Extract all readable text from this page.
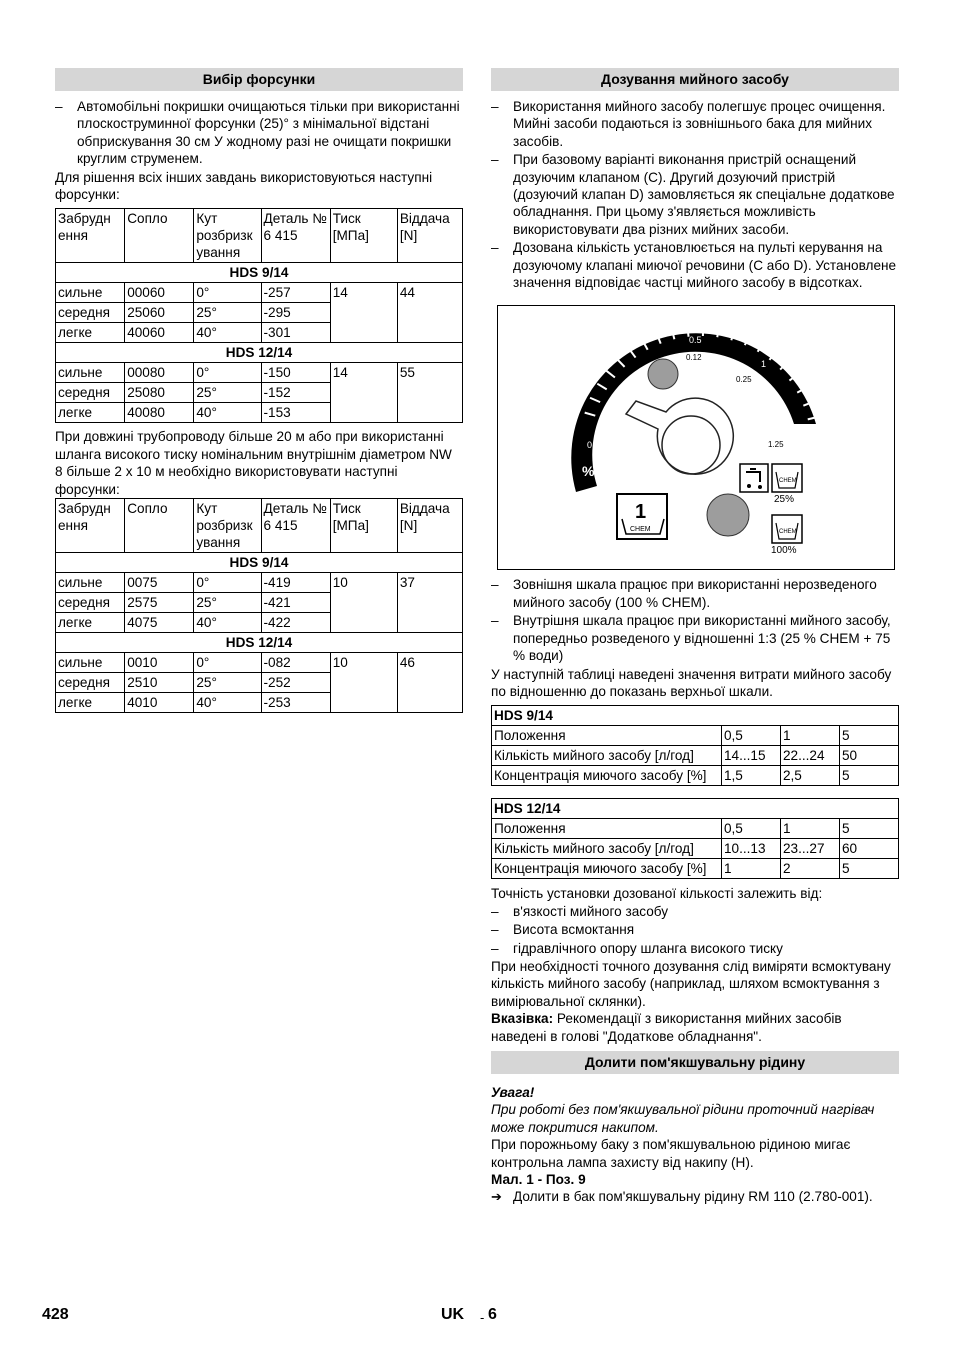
Вибір форсунки
– Автомобільні покришки очищаються тільки при використанні плоскоструминної форсунки (25)° з мінімальної відстані обприскування 30 см У жодному разі не очищати покришки круглим струменем.

Для рішення всіх інших завдань використовуються наступні форсунки:

Забрудн ення	Сопло	Кут розбризк ування	Деталь № 6 415	Тиск [МПа]	Віддача [N]
HDS 9/14					
сильне	00060	0°	-257	14	44
середня	25060	25°	-295		
легке	40060	40°	-301		
HDS 12/14					
сильне	00080	0°	-150	14	55
середня	25080	25°	-152		
легке	40080	40°	-153		

При довжині трубопроводу більше 20 м або при використанні шланга високого тиску номінальним внутрішнім діаметром NW 8 більше 2 х 10 м необхідно використовувати наступні форсунки:

Забрудн ення	Сопло	Кут розбризк ування	Деталь № 6 415	Тиск [МПа]	Віддача [N]
HDS 9/14					
сильне	0075	0°	-419	10	37
середня	2575	25°	-421		
легке	4075	40°	-422		
HDS 12/14					
сильне	0010	0°	-082	10	46
середня	2510	25°	-252		
легке	4010	40°	-253		
Дозування мийного засобу
– Використання мийного засобу полегшує процес очищення. Мийні засоби подаються із зовнішнього бака для мийних засобів.
– При базовому варіанті виконання пристрій оснащений дозуючим клапаном (C). Другий дозуючий пристрій (дозуючий клапан D) замовляється як спеціальне додаткове обладнання. При цьому з'являється можливість використовувати два різних мийних засоби.
– Дозована кількість установлюється на пульті керування на дозуючому клапані миючої речовини (C або D). Установлене значення відповідає частці мийного засобу в відсотках.
0
0.5
1
5
0.12
0.25
1.25
%
1
CHEM
CHEM
25%
CHEM
100%
– Зовнішня шкала працює при використанні нерозведеного мийного засобу (100 % CHEM).
– Внутрішня шкала працює при використанні мийного засобу, попередньо розведеного у відношенні 1:3 (25 % CHEM + 75 % води)

У наступній таблиці наведені значення витрати мийного засобу по відношенню до показань верхньої шкали.

HDS 9/14			
Положення	0,5	1	5
Кількість мийного засобу [л/год]	14...15	22...24	50
Концентрація миючого засобу [%]	1,5	2,5	5
HDS 12/14			
Положення	0,5	1	5
Кількість мийного засобу [л/год]	10...13	23...27	60
Концентрація миючого засобу [%]	1	2	5

Точність установки дозованої кількості залежить від:

– в'язкості мийного засобу
– Висота всмоктання
– гідравлічного опору шланга високого тиску

При необхідності точного дозування слід виміряти всмоктувану кількість мийного засобу (наприклад, шляхом всмоктування з вимірювальної склянки).

Вказівка: Рекомендації з використання мийних засобів наведені в голові "Додаткове обладнання".

Долити пом'якшувальну рідину

Увага!

При роботі без пом'якшувальної рідини проточний нагрівач може покритися накипом.

При порожньому баку з пом'якшувальною рідиною мигає контрольна лампа захисту від накипу (H).

Мал. 1 - Поз. 9

➔ Долити в бак пом'якшувальну рідину RM 110 (2.780-001).
428	UK - 6
